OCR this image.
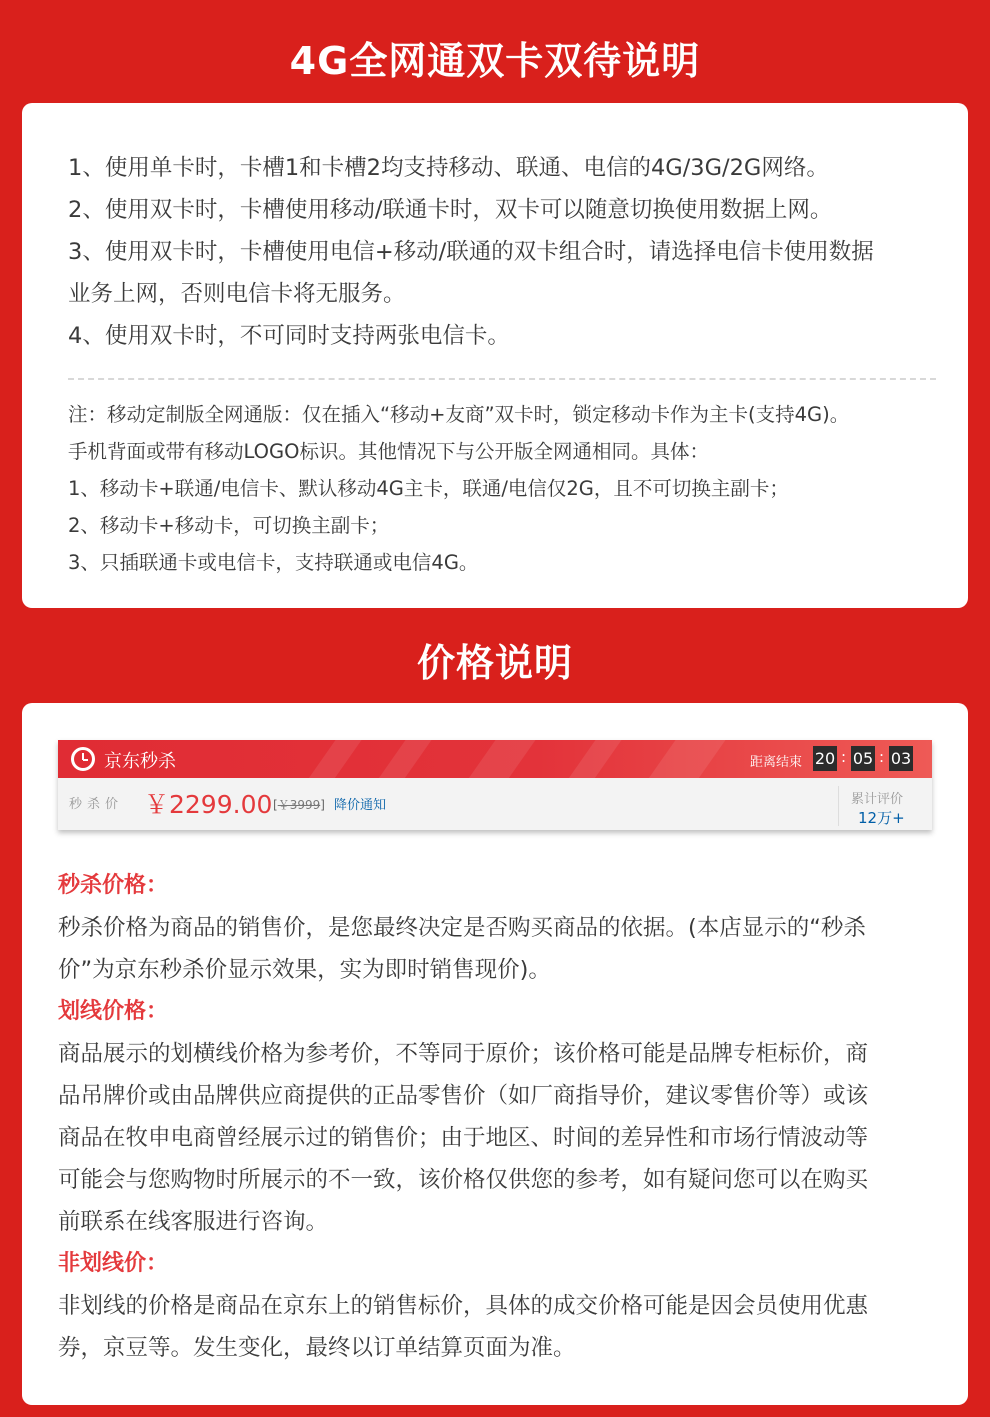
4G全网通双卡双待说明
1、使用单卡时，卡槽1和卡槽2均支持移动、联通、电信的4G/3G/2G网络。
2、使用双卡时，卡槽使用移动/联通卡时，双卡可以随意切换使用数据上网。
3、使用双卡时，卡槽使用电信+移动/联通的双卡组合时，请选择电信卡使用数据
业务上网，否则电信卡将无服务。
4、使用双卡时，不可同时支持两张电信卡。
注：移动定制版全网通版：仅在插入“移动+友商”双卡时，锁定移动卡作为主卡(支持4G)。
手机背面或带有移动LOGO标识。其他情况下与公开版全网通相同。具体：
1、移动卡+联通/电信卡、默认移动4G主卡，联通/电信仅2G，且不可切换主副卡；
2、移动卡+移动卡，可切换主副卡；
3、只插联通卡或电信卡，支持联通或电信4G。
价格说明
京东秒杀	距离结束 20 : 05 : 03
秒杀价 ￥2299.00 [￥3999] 降价通知	累计评价
12万+
秒杀价格：

秒杀价格为商品的销售价，是您最终决定是否购买商品的依据。(本店显示的“秒杀

价”为京东秒杀价显示效果，实为即时销售现价)。

划线价格：

商品展示的划横线价格为参考价，不等同于原价；该价格可能是品牌专柜标价，商

品吊牌价或由品牌供应商提供的正品零售价（如厂商指导价，建议零售价等）或该

商品在牧申电商曾经展示过的销售价；由于地区、时间的差异性和市场行情波动等

可能会与您购物时所展示的不一致，该价格仅供您的参考，如有疑问您可以在购买

前联系在线客服进行咨询。

非划线价：

非划线的价格是商品在京东上的销售标价，具体的成交价格可能是因会员使用优惠

券，京豆等。发生变化，最终以订单结算页面为准。
